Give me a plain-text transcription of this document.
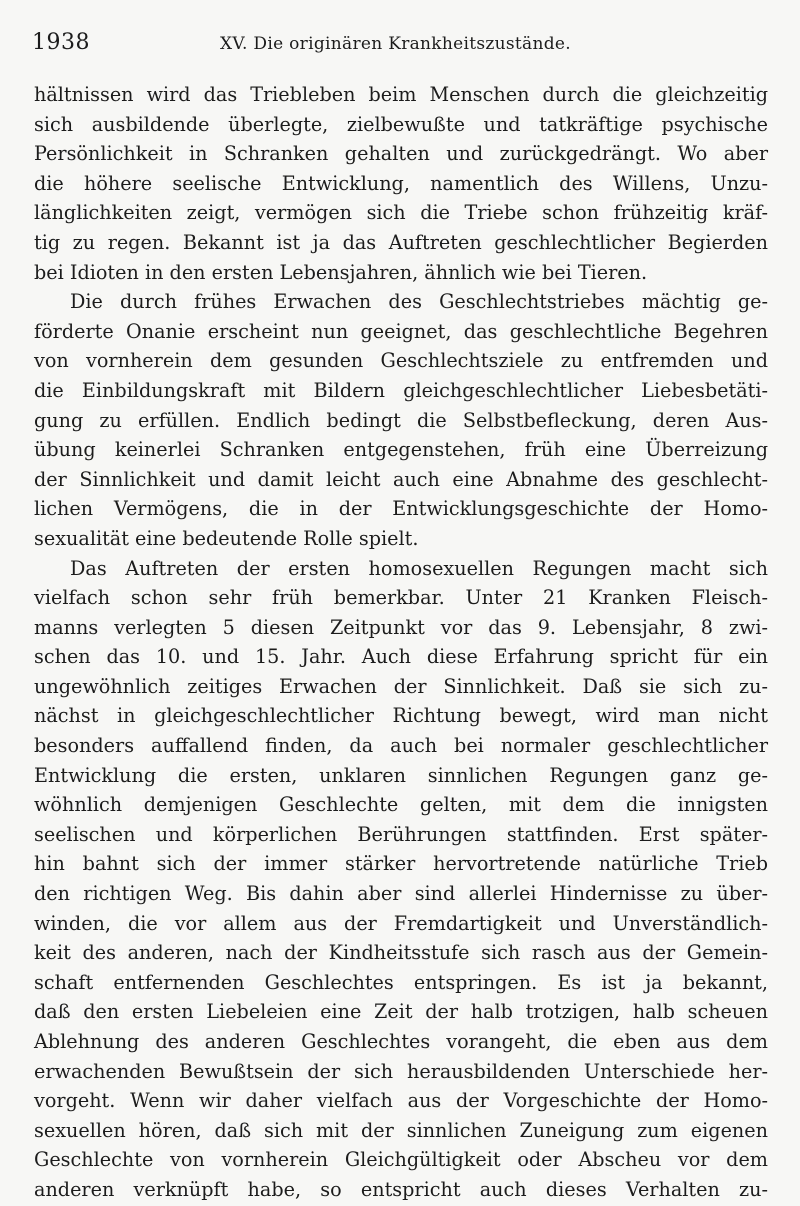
1938	XV. Die originären Krankheitszustände.
hältnissen wird das Triebleben beim Menschen durch die gleichzeitig
sich ausbildende überlegte, zielbewußte und tatkräftige psychische
Persönlichkeit in Schranken gehalten und zurückgedrängt. Wo aber
die höhere seelische Entwicklung, namentlich des Willens, Unzu-
länglichkeiten zeigt, vermögen sich die Triebe schon frühzeitig kräf-
tig zu regen. Bekannt ist ja das Auftreten geschlechtlicher Begierden
bei Idioten in den ersten Lebensjahren, ähnlich wie bei Tieren.
Die durch frühes Erwachen des Geschlechtstriebes mächtig ge-
förderte Onanie erscheint nun geeignet, das geschlechtliche Begehren
von vornherein dem gesunden Geschlechtsziele zu entfremden und
die Einbildungskraft mit Bildern gleichgeschlechtlicher Liebesbetäti-
gung zu erfüllen. Endlich bedingt die Selbstbefleckung, deren Aus-
übung keinerlei Schranken entgegenstehen, früh eine Überreizung
der Sinnlichkeit und damit leicht auch eine Abnahme des geschlecht-
lichen Vermögens, die in der Entwicklungsgeschichte der Homo-
sexualität eine bedeutende Rolle spielt.
Das Auftreten der ersten homosexuellen Regungen macht sich
vielfach schon sehr früh bemerkbar. Unter 21 Kranken Fleisch-
manns verlegten 5 diesen Zeitpunkt vor das 9. Lebensjahr, 8 zwi-
schen das 10. und 15. Jahr. Auch diese Erfahrung spricht für ein
ungewöhnlich zeitiges Erwachen der Sinnlichkeit. Daß sie sich zu-
nächst in gleichgeschlechtlicher Richtung bewegt, wird man nicht
besonders auffallend finden, da auch bei normaler geschlechtlicher
Entwicklung die ersten, unklaren sinnlichen Regungen ganz ge-
wöhnlich demjenigen Geschlechte gelten, mit dem die innigsten
seelischen und körperlichen Berührungen stattfinden. Erst später-
hin bahnt sich der immer stärker hervortretende natürliche Trieb
den richtigen Weg. Bis dahin aber sind allerlei Hindernisse zu über-
winden, die vor allem aus der Fremdartigkeit und Unverständlich-
keit des anderen, nach der Kindheitsstufe sich rasch aus der Gemein-
schaft entfernenden Geschlechtes entspringen. Es ist ja bekannt,
daß den ersten Liebeleien eine Zeit der halb trotzigen, halb scheuen
Ablehnung des anderen Geschlechtes vorangeht, die eben aus dem
erwachenden Bewußtsein der sich herausbildenden Unterschiede her-
vorgeht. Wenn wir daher vielfach aus der Vorgeschichte der Homo-
sexuellen hören, daß sich mit der sinnlichen Zuneigung zum eigenen
Geschlechte von vornherein Gleichgültigkeit oder Abscheu vor dem
anderen verknüpft habe, so entspricht auch dieses Verhalten zu-
